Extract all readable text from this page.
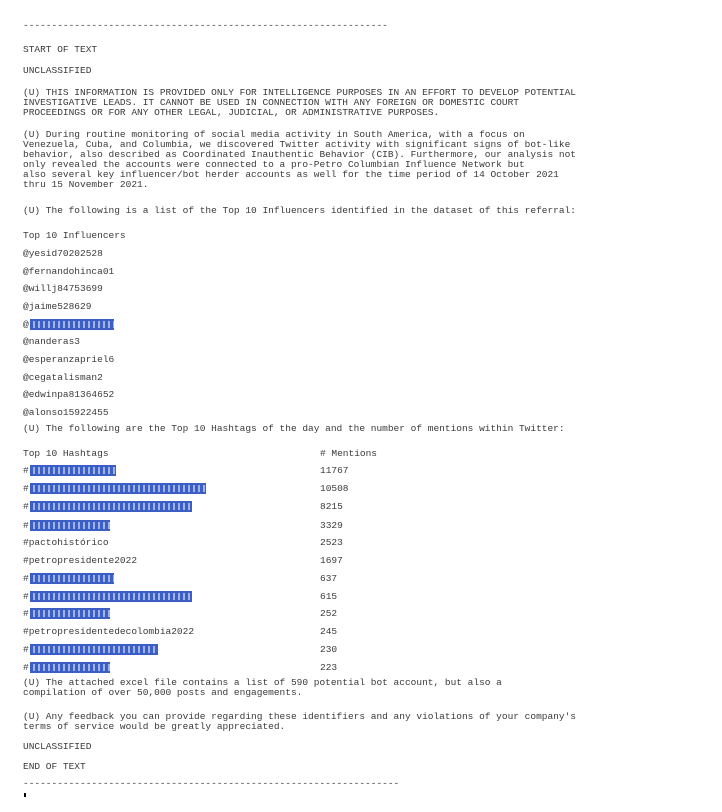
----------------------------------------------------------------
START OF TEXT
UNCLASSIFIED
(U) THIS INFORMATION IS PROVIDED ONLY FOR INTELLIGENCE PURPOSES IN AN EFFORT TO DEVELOP POTENTIAL
INVESTIGATIVE LEADS. IT CANNOT BE USED IN CONNECTION WITH ANY FOREIGN OR DOMESTIC COURT
PROCEEDINGS OR FOR ANY OTHER LEGAL, JUDICIAL, OR ADMINISTRATIVE PURPOSES.
(U) During routine monitoring of social media activity in South America, with a focus on
Venezuela, Cuba, and Columbia, we discovered Twitter activity with significant signs of bot-like
behavior, also described as Coordinated Inauthentic Behavior (CIB). Furthermore, our analysis not
only revealed the accounts were connected to a pro-Petro Columbian Influence Network but
also several key influencer/bot herder accounts as well for the time period of 14 October 2021
thru 15 November 2021.
(U) The following is a list of the Top 10 Influencers identified in the dataset of this referral:
Top 10 Influencers
@yesid70202528
@fernandohinca01
@willj84753699
@jaime528629
@
@nanderas3
@esperanzapriel6
@cegatalisman2
@edwinpa81364652
@alonso15922455
(U) The following are the Top 10 Hashtags of the day and the number of mentions within Twitter:
Top 10 Hashtags	# Mentions
#	11767
#	10508
#	8215
#	3329
#pactohistórico	2523
#petropresidente2022	1697
#	637
#	615
#	252
#petropresidentedecolombia2022	245
#	230
#	223
(U) The attached excel file contains a list of 590 potential bot account, but also a
compilation of over 50,000 posts and engagements.
(U) Any feedback you can provide regarding these identifiers and any violations of your company's
terms of service would be greatly appreciated.
UNCLASSIFIED
END OF TEXT
------------------------------------------------------------------
